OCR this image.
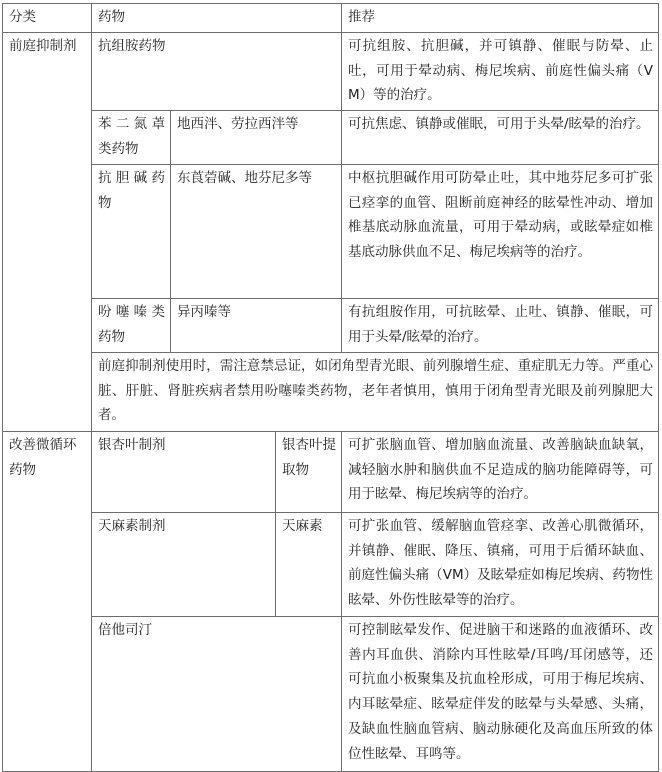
分类	药物			推荐
前庭抑制剂	抗组胺药物			可抗组胺、抗胆碱，并可镇静、催眠与防晕、止吐，可用于晕动病、梅尼埃病、前庭性偏头痛（VM）等的治疗。
	苯二氮䓬类药物	地西泮、劳拉西泮等		可抗焦虑、镇静或催眠，可用于头晕/眩晕的治疗。
	抗胆碱药物	东莨菪碱、地芬尼多等		中枢抗胆碱作用可防晕止吐，其中地芬尼多可扩张已痉挛的血管、阻断前庭神经的眩晕性冲动、增加椎基底动脉血流量，可用于晕动病，或眩晕症如椎基底动脉供血不足、梅尼埃病等的治疗。
	吩噻嗪类药物	异丙嗪等		有抗组胺作用，可抗眩晕、止吐、镇静、催眠，可用于头晕/眩晕的治疗。
	前庭抑制剂使用时，需注意禁忌证，如闭角型青光眼、前列腺增生症、重症肌无力等。严重心脏、肝脏、肾脏疾病者禁用吩噻嗪类药物，老年者慎用，慎用于闭角型青光眼及前列腺肥大者。			
改善微循环药物	银杏叶制剂		银杏叶提取物	可扩张脑血管、增加脑血流量、改善脑缺血缺氧，减轻脑水肿和脑供血不足造成的脑功能障碍等，可用于眩晕、梅尼埃病等的治疗。
	天麻素制剂		天麻素	可扩张血管、缓解脑血管痉挛、改善心肌微循环，并镇静、催眠、降压、镇痛，可用于后循环缺血、前庭性偏头痛（VM）及眩晕症如梅尼埃病、药物性眩晕、外伤性眩晕等的治疗。
	倍他司汀			可控制眩晕发作、促进脑干和迷路的血液循环、改善内耳血供、消除内耳性眩晕/耳鸣/耳闭感等，还可抗血小板聚集及抗血栓形成，可用于梅尼埃病、内耳眩晕症、眩晕症伴发的眩晕与头晕感、头痛，及缺血性脑血管病、脑动脉硬化及高血压所致的体位性眩晕、耳鸣等。
